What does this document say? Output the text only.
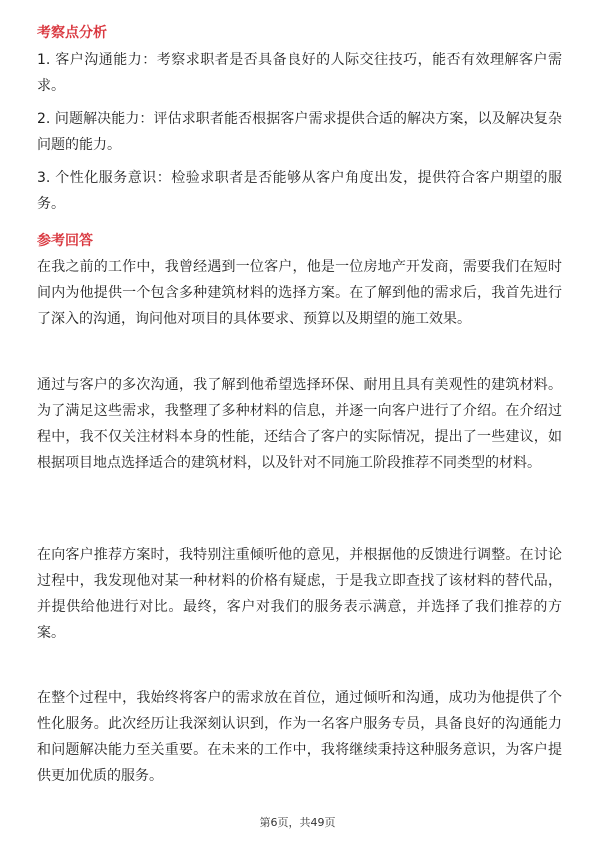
考察点分析
1. 客户沟通能力：考察求职者是否具备良好的人际交往技巧，能否有效理解客户需求。
2. 问题解决能力：评估求职者能否根据客户需求提供合适的解决方案，以及解决复杂问题的能力。
3. 个性化服务意识：检验求职者是否能够从客户角度出发，提供符合客户期望的服务。
参考回答
在我之前的工作中，我曾经遇到一位客户，他是一位房地产开发商，需要我们在短时间内为他提供一个包含多种建筑材料的选择方案。在了解到他的需求后，我首先进行了深入的沟通，询问他对项目的具体要求、预算以及期望的施工效果。
通过与客户的多次沟通，我了解到他希望选择环保、耐用且具有美观性的建筑材料。为了满足这些需求，我整理了多种材料的信息，并逐一向客户进行了介绍。在介绍过程中，我不仅关注材料本身的性能，还结合了客户的实际情况，提出了一些建议，如根据项目地点选择适合的建筑材料，以及针对不同施工阶段推荐不同类型的材料。
在向客户推荐方案时，我特别注重倾听他的意见，并根据他的反馈进行调整。在讨论过程中，我发现他对某一种材料的价格有疑虑，于是我立即查找了该材料的替代品，并提供给他进行对比。最终，客户对我们的服务表示满意，并选择了我们推荐的方案。
在整个过程中，我始终将客户的需求放在首位，通过倾听和沟通，成功为他提供了个性化服务。此次经历让我深刻认识到，作为一名客户服务专员，具备良好的沟通能力和问题解决能力至关重要。在未来的工作中，我将继续秉持这种服务意识，为客户提供更加优质的服务。
第6页，共49页
